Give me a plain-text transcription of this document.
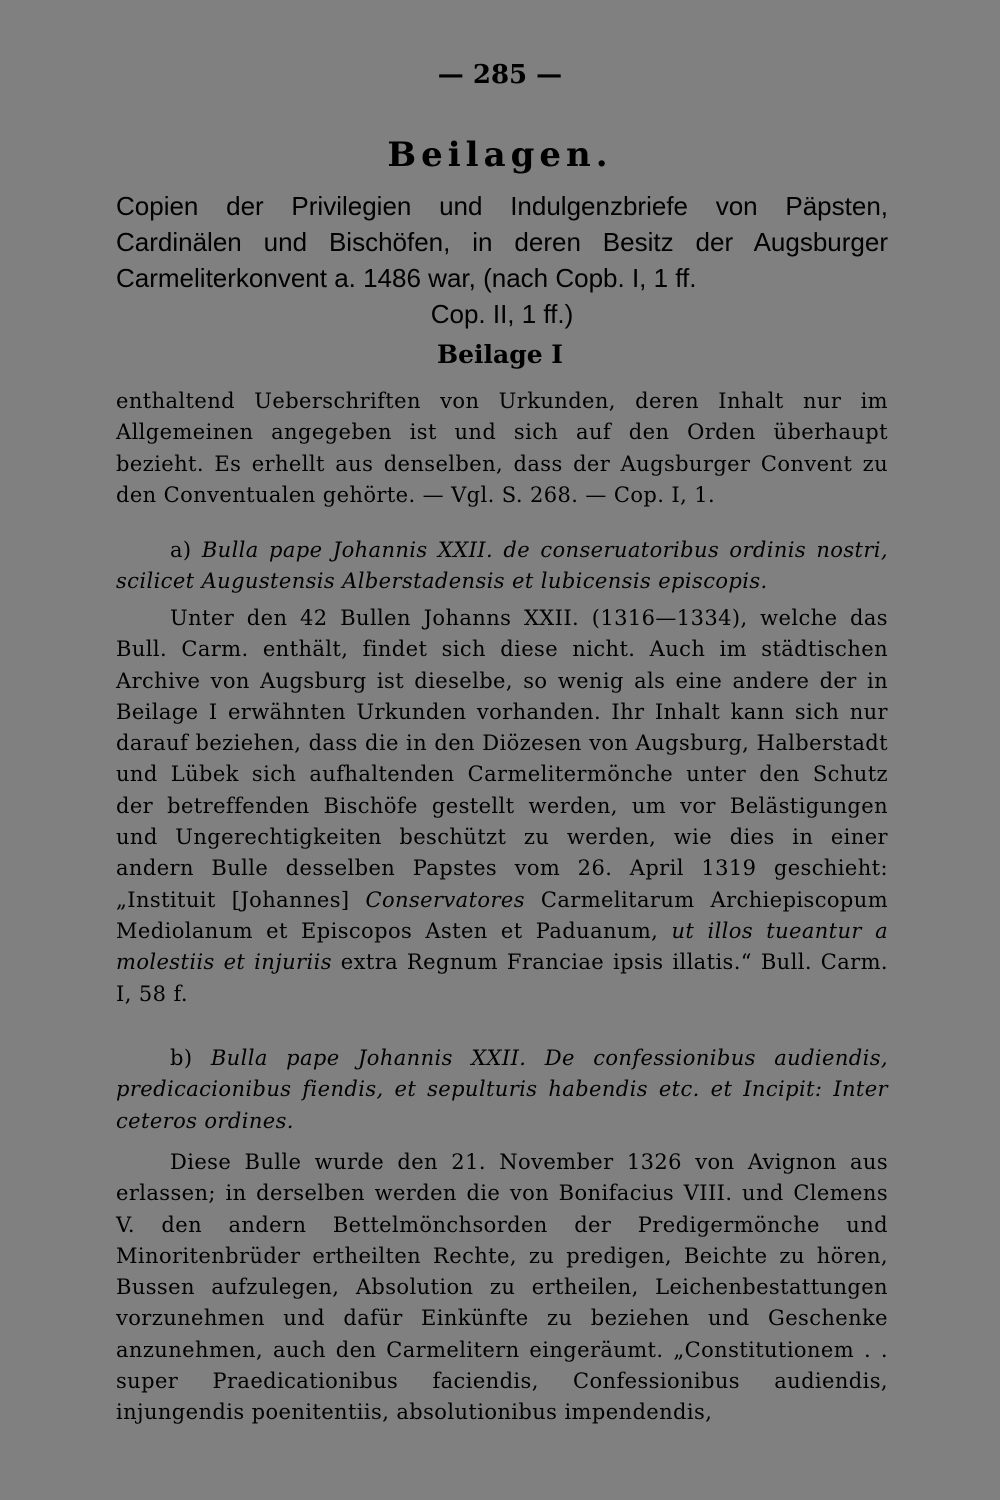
— 285 —
Beilagen.
Copien der Privilegien und Indulgenzbriefe von Päpsten, Cardinälen und Bischöfen, in deren Besitz der Augsburger Carmeliterkonvent a. 1486 war, (nach Copb. I, 1 ff.
Cop. II, 1 ff.)
Beilage I
enthaltend Ueberschriften von Urkunden, deren Inhalt nur im Allgemeinen angegeben ist und sich auf den Orden überhaupt bezieht. Es erhellt aus denselben, dass der Augsburger Convent zu den Conventualen gehörte. — Vgl. S. 268. — Cop. I, 1.
a) Bulla pape Johannis XXII. de conseruatoribus ordinis nostri, scilicet Augustensis Alberstadensis et lubicensis episcopis.
Unter den 42 Bullen Johanns XXII. (1316—1334), welche das Bull. Carm. enthält, findet sich diese nicht. Auch im städtischen Archive von Augsburg ist dieselbe, so wenig als eine andere der in Beilage I erwähnten Urkunden vorhanden. Ihr Inhalt kann sich nur darauf beziehen, dass die in den Diözesen von Augsburg, Halberstadt und Lübek sich aufhaltenden Carmelitermönche unter den Schutz der betreffenden Bischöfe gestellt werden, um vor Belästigungen und Ungerechtigkeiten beschützt zu werden, wie dies in einer andern Bulle desselben Papstes vom 26. April 1319 geschieht: „Instituit [Johannes] Conservatores Carmelitarum Archiepiscopum Mediolanum et Episcopos Asten et Paduanum, ut illos tueantur a molestiis et injuriis extra Regnum Franciae ipsis illatis.“ Bull. Carm. I, 58 f.
b) Bulla pape Johannis XXII. De confessionibus audiendis, predicacionibus fiendis, et sepulturis habendis etc. et Incipit: Inter ceteros ordines.
Diese Bulle wurde den 21. November 1326 von Avignon aus erlassen; in derselben werden die von Bonifacius VIII. und Clemens V. den andern Bettelmönchsorden der Predigermönche und Minoritenbrüder ertheilten Rechte, zu predigen, Beichte zu hören, Bussen aufzulegen, Absolution zu ertheilen, Leichenbestattungen vorzunehmen und dafür Einkünfte zu beziehen und Geschenke anzunehmen, auch den Carmelitern eingeräumt. „Constitutionem . . super Praedicationibus faciendis, Confessionibus audiendis, injungendis poenitentiis, absolutionibus impendendis,
